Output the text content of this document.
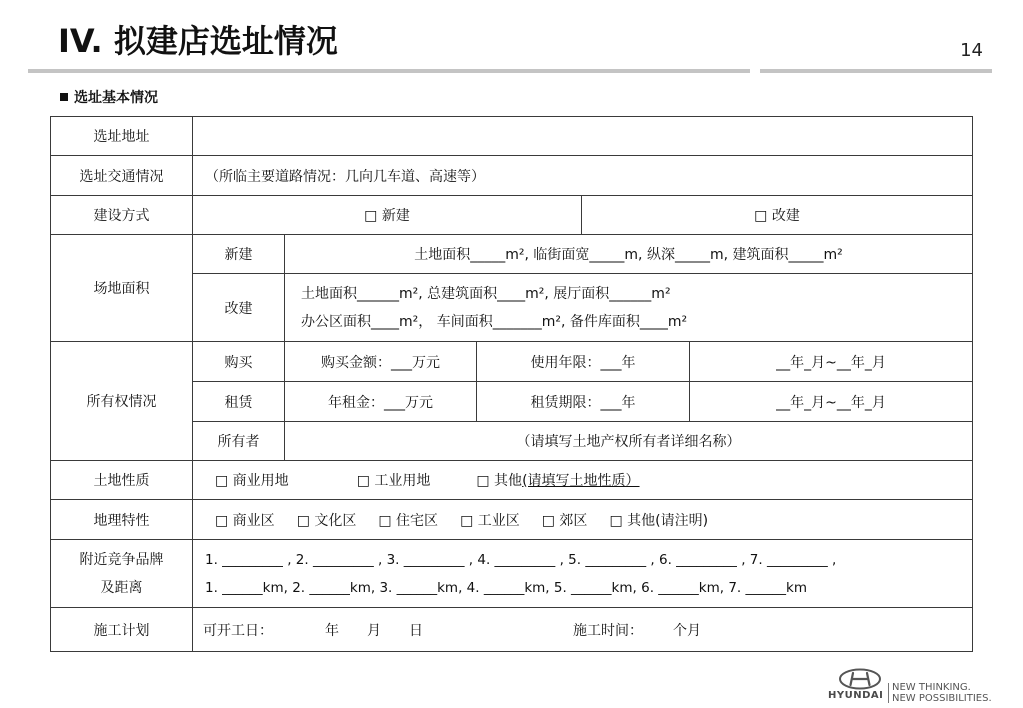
IV. 拟建店选址情况	14
选址基本情况
选址地址
选址交通情况	（所临主要道路情况：几向几车道、高速等）
建设方式	□ 新建	□ 改建
场地面积
新建	土地面积_____m², 临街面宽_____m, 纵深_____m, 建筑面积_____m²
改建
土地面积______m², 总建筑面积____m², 展厅面积______m²
办公区面积____m²， 车间面积_______m², 备件库面积____m²
所有权情况
购买	购买金额：___万元	使用年限：___年	__年_月~__年_月
租赁	年租金：___万元	租赁期限：___年	__年_月~__年_月
所有者	（请填写土地产权所有者详细名称）
土地性质	□ 商业用地	□ 工业用地	□ 其他 (请填写土地性质）
地理特性	□ 商业区 □ 文化区 □ 住宅区 □ 工业区 □ 郊区 □ 其他(请注明)
附近竞争品牌
及距离
1. _________ , 2. _________ , 3. _________ , 4. _________ , 5. _________ , 6. _________ , 7. _________ ,
1. ______km, 2. ______km, 3. ______km, 4. ______km, 5. ______km, 6. ______km, 7. ______km
施工计划	可开工日：	年 月 日	施工时间： 个月
HYUNDAI
NEW THINKING.
NEW POSSIBILITIES.
